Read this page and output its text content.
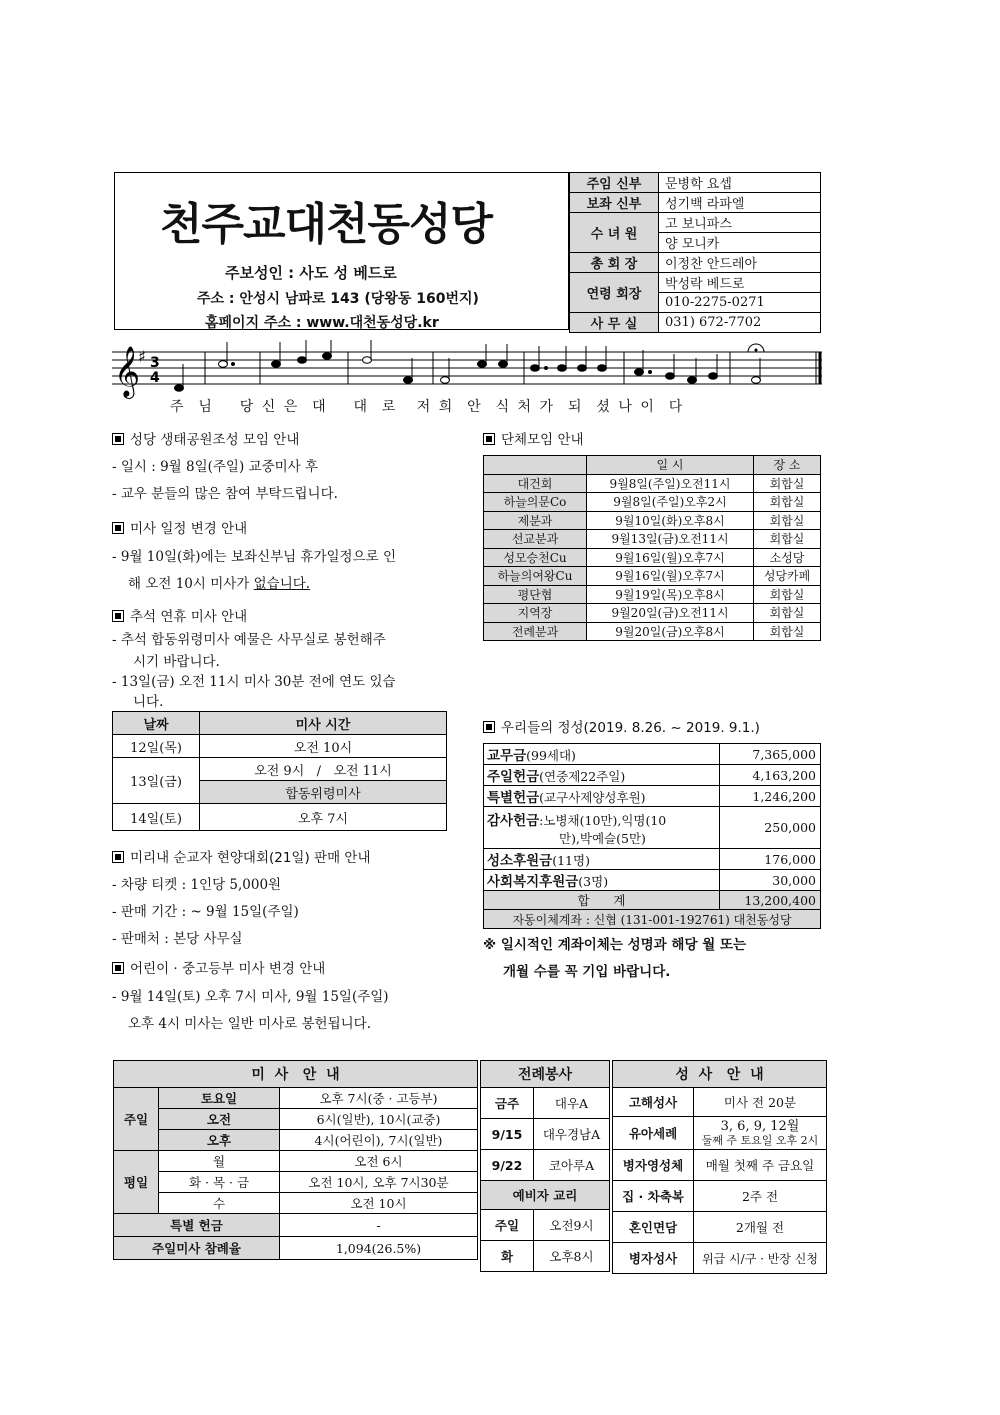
천주교대천동성당
주보성인 : 사도 성 베드로
주소 : 안성시 남파로 143 (당왕동 160번지)
홈페이지 주소 : www.대천동성당.kr
주임 신부	문병학 요셉
보좌 신부	성기백 라파엘
수 녀 원	고 보니파스
	양 모니카
총 회 장	이정찬 안드레아
연령 회장	박성락 베드로
	010-2275-0271
사 무 실	031) 672-7702
𝄞
♯ 3
4
주  님    당 신 은  대    대  로   저 희  안  식 처 가  되  셨 나 이  다
성당 생태공원조성 모임 안내
- 일시 : 9월 8일(주일) 교중미사 후
- 교우 분들의 많은 참여 부탁드립니다.
미사 일정 변경 안내
- 9월 10일(화)에는 보좌신부님 휴가일정으로 인
해 오전 10시 미사가 없습니다.
추석 연휴 미사 안내
- 추석 합동위령미사 예물은 사무실로 봉헌해주
시기 바랍니다.
- 13일(금) 오전 11시 미사 30분 전에 연도 있습
니다.
날짜	미사 시간
12일(목)	오전 10시
13일(금)	오전 9시   /   오전 11시
	합동위령미사
14일(토)	오후 7시
미리내 순교자 현양대회(21일) 판매 안내
- 차량 티켓 : 1인당 5,000원
- 판매 기간 : ~ 9월 15일(주일)
- 판매처 : 본당 사무실
어린이 · 중고등부 미사 변경 안내
- 9월 14일(토) 오후 7시 미사, 9월 15일(주일)
오후 4시 미사는 일반 미사로 봉헌됩니다.
단체모임 안내
	일 시	장 소
대건회	9월8일(주일)오전11시	회합실
하늘의문Co	9월8일(주일)오후2시	회합실
제분과	9월10일(화)오후8시	회합실
선교분과	9월13일(금)오전11시	회합실
성모승천Cu	9월16일(월)오후7시	소성당
하늘의여왕Cu	9월16일(월)오후7시	성당카페
평단협	9월19일(목)오후8시	회합실
지역장	9월20일(금)오전11시	회합실
전례분과	9월20일(금)오후8시	회합실
우리들의 정성(2019. 8.26. ~ 2019. 9.1.)
교무금(99세대)	7,365,000
주일헌금(연중제22주일)	4,163,200
특별헌금(교구사제양성후원)	1,246,200
감사헌금:노병채(10만),익명(10
만),박예슬(5만)	250,000
성소후원금(11명)	176,000
사회복지후원금(3명)	30,000
합      계	13,200,400
자동이체계좌 : 신협 (131-001-192761) 대천동성당	
※ 일시적인 계좌이체는 성명과 해당 월 또는
개월 수를 꼭 기입 바랍니다.
미  사   안  내		
주일	토요일	오후 7시(중 · 고등부)
	오전	6시(일반), 10시(교중)
	오후	4시(어린이), 7시(일반)
평일	월	오전 6시
	화 · 목 · 금	오전 10시, 오후 7시30분
	수	오전 10시
특별 헌금		-
주일미사 참례율		1,094(26.5%)
전례봉사	
금주	대우A
9/15	대우경남A
9/22	코아루A
예비자 교리	
주일	오전9시
화	오후8시
성  사   안  내	
고해성사	미사 전 20분
유아세례	3, 6, 9, 12월
둘째 주 토요일 오후 2시
병자영성체	매월 첫째 주 금요일
집 · 차축복	2주 전
혼인면담	2개월 전
병자성사	위급 시/구 · 반장 신청
